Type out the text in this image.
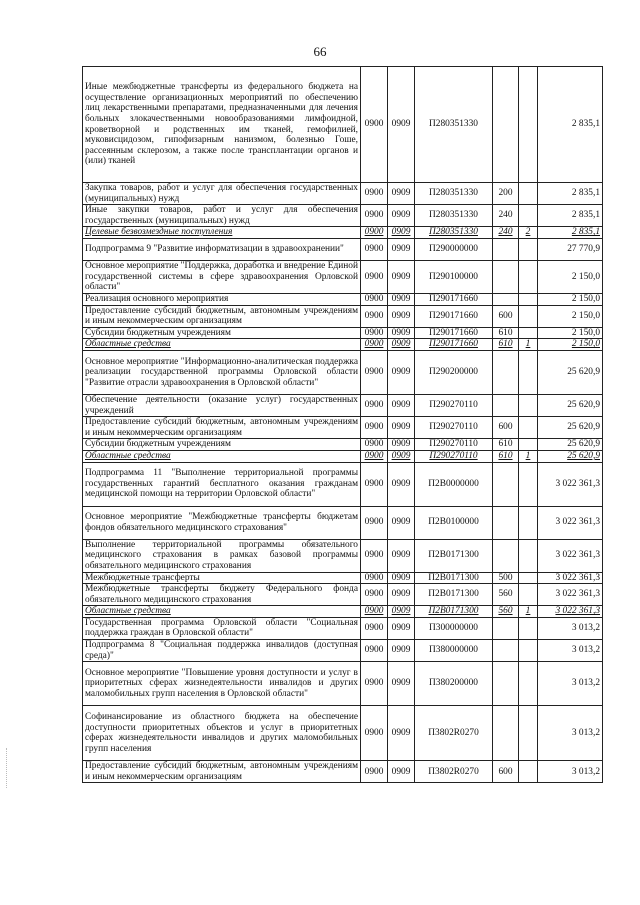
66
Иные межбюджетные трансферты из федерального бюджета на осуществление организационных мероприятий по обеспечению лиц лекарственными препаратами, предназначенными для лечения больных злокачественными новообразованиями лимфоидной, кроветворной и родственных им тканей, гемофилией, муковисцидозом, гипофизарным нанизмом, болезнью Гоше, рассеянным склерозом, а также после трансплантации органов и (или) тканей	0900	0909	П280351330			2 835,1
Закупка товаров, работ и услуг для обеспечения государственных (муниципальных) нужд	0900	0909	П280351330	200		2 835,1
Иные закупки товаров, работ и услуг для обеспечения государственных (муниципальных) нужд	0900	0909	П280351330	240		2 835,1
Целевые безвозмездные поступления	0900	0909	П280351330	240	2	2 835,1
Подпрограмма 9 "Развитие информатизации в здравоохранении"	0900	0909	П290000000			27 770,9
Основное мероприятие "Поддержка, доработка и внедрение Единой государственной системы в сфере здравоохранения Орловской области"	0900	0909	П290100000			2 150,0
Реализация основного мероприятия	0900	0909	П290171660			2 150,0
Предоставление субсидий бюджетным, автономным учреждениям и иным некоммерческим организациям	0900	0909	П290171660	600		2 150,0
Субсидии бюджетным учреждениям	0900	0909	П290171660	610		2 150,0
Областные средства	0900	0909	П290171660	610	1	2 150,0
Основное мероприятие "Информационно-аналитическая поддержка реализации государственной программы Орловской области "Развитие отрасли здравоохранения в Орловской области"	0900	0909	П290200000			25 620,9
Обеспечение деятельности (оказание услуг) государственных учреждений	0900	0909	П290270110			25 620,9
Предоставление субсидий бюджетным, автономным учреждениям и иным некоммерческим организациям	0900	0909	П290270110	600		25 620,9
Субсидии бюджетным учреждениям	0900	0909	П290270110	610		25 620,9
Областные средства	0900	0909	П290270110	610	1	25 620,9
Подпрограмма 11 "Выполнение территориальной программы государственных гарантий бесплатного оказания гражданам медицинской помощи на территории Орловской области"	0900	0909	П2В0000000			3 022 361,3
Основное мероприятие "Межбюджетные трансферты бюджетам фондов обязательного медицинского страхования"	0900	0909	П2В0100000			3 022 361,3
Выполнение территориальной программы обязательного медицинского страхования в рамках базовой программы обязательного медицинского страхования	0900	0909	П2В0171300			3 022 361,3
Межбюджетные трансферты	0900	0909	П2В0171300	500		3 022 361,3
Межбюджетные трансферты бюджету Федерального фонда обязательного медицинского страхования	0900	0909	П2В0171300	560		3 022 361,3
Областные средства	0900	0909	П2В0171300	560	1	3 022 361,3
Государственная программа Орловской области "Социальная поддержка граждан в Орловской области"	0900	0909	П300000000			3 013,2
Подпрограмма 8 "Социальная поддержка инвалидов (доступная среда)"	0900	0909	П380000000			3 013,2
Основное мероприятие "Повышение уровня доступности и услуг в приоритетных сферах жизнедеятельности инвалидов и других маломобильных групп населения в Орловской области"	0900	0909	П380200000			3 013,2
Софинансирование из областного бюджета на обеспечение доступности приоритетных объектов и услуг в приоритетных сферах жизнедеятельности инвалидов и других маломобильных групп населения	0900	0909	П3802R0270			3 013,2
Предоставление субсидий бюджетным, автономным учреждениям и иным некоммерческим организациям	0900	0909	П3802R0270	600		3 013,2
